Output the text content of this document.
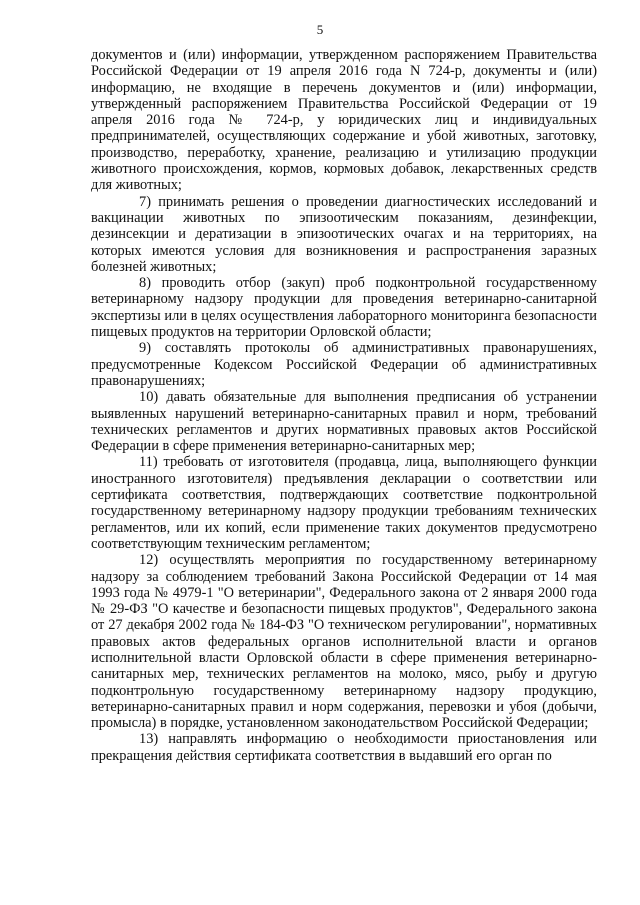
5

документов и (или) информации, утвержденном распоряжением Правительства Российской Федерации от 19 апреля 2016 года N 724-р, документы и (или) информацию, не входящие в перечень документов и (или) информации, утвержденный распоряжением Правительства Российской Федерации от 19 апреля 2016 года № 724-р, у юридических лиц и индивидуальных предпринимателей, осуществляющих содержание и убой животных, заготовку, производство, переработку, хранение, реализацию и утилизацию продукции животного происхождения, кормов, кормовых добавок, лекарственных средств для животных;

7) принимать решения о проведении диагностических исследований и вакцинации животных по эпизоотическим показаниям, дезинфекции, дезинсекции и дератизации в эпизоотических очагах и на территориях, на которых имеются условия для возникновения и распространения заразных болезней животных;

8) проводить отбор (закуп) проб подконтрольной государственному ветеринарному надзору продукции для проведения ветеринарно-санитарной экспертизы или в целях осуществления лабораторного мониторинга безопасности пищевых продуктов на территории Орловской области;

9) составлять протоколы об административных правонарушениях, предусмотренные Кодексом Российской Федерации об административных правонарушениях;

10) давать обязательные для выполнения предписания об устранении выявленных нарушений ветеринарно-санитарных правил и норм, требований технических регламентов и других нормативных правовых актов Российской Федерации в сфере применения ветеринарно-санитарных мер;

11) требовать от изготовителя (продавца, лица, выполняющего функции иностранного изготовителя) предъявления декларации о соответствии или сертификата соответствия, подтверждающих соответствие подконтрольной государственному ветеринарному надзору продукции требованиям технических регламентов, или их копий, если применение таких документов предусмотрено соответствующим техническим регламентом;

12) осуществлять мероприятия по государственному ветеринарному надзору за соблюдением требований Закона Российской Федерации от 14 мая 1993 года № 4979-1 "О ветеринарии", Федерального закона от 2 января 2000 года № 29-ФЗ "О качестве и безопасности пищевых продуктов", Федерального закона от 27 декабря 2002 года № 184-ФЗ "О техническом регулировании", нормативных правовых актов федеральных органов исполнительной власти и органов исполнительной власти Орловской области в сфере применения ветеринарно-санитарных мер, технических регламентов на молоко, мясо, рыбу и другую подконтрольную государственному ветеринарному надзору продукцию, ветеринарно-санитарных правил и норм содержания, перевозки и убоя (добычи, промысла) в порядке, установленном законодательством Российской Федерации;

13) направлять информацию о необходимости приостановления или прекращения действия сертификата соответствия в выдавший его орган по
